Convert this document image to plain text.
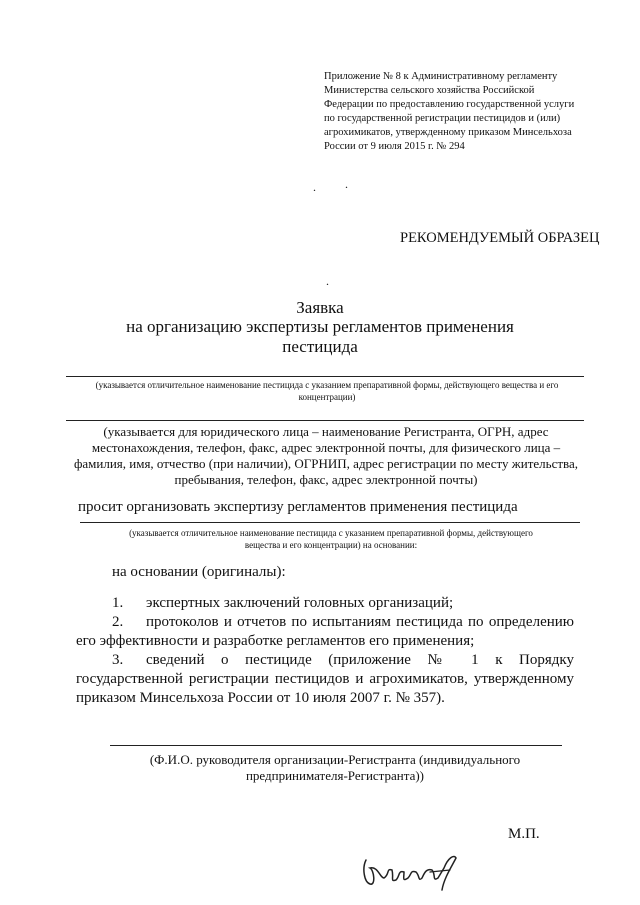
Приложение № 8 к Административному регламенту
Министерства сельского хозяйства Российской
Федерации по предоставлению государственной услуги
по государственной регистрации пестицидов и (или)
агрохимикатов, утвержденному приказом Минсельхоза
России от 9 июля 2015 г. № 294
. .
.
РЕКОМЕНДУЕМЫЙ ОБРАЗЕЦ
Заявка
на организацию экспертизы регламентов применения
пестицида
(указывается отличительное наименование пестицида с указанием препаративной формы, действующего вещества и его
концентрации)
(указывается для юридического лица – наименование Регистранта, ОГРН, адрес
местонахождения, телефон, факс, адрес электронной почты, для физического лица –
фамилия, имя, отчество (при наличии), ОГРНИП, адрес регистрации по месту жительства,
пребывания, телефон, факс, адрес электронной почты)
просит организовать экспертизу регламентов применения пестицида
(указывается отличительное наименование пестицида с указанием препаративной формы, действующего
вещества и его концентрации) на основании:
на основании (оригиналы):
1. экспертных заключений головных организаций;
2. протоколов и отчетов по испытаниям пестицида по определению
его эффективности и разработке регламентов его применения;
3. сведений о пестициде (приложение № 1 к Порядку
государственной регистрации пестицидов и агрохимикатов, утвержденному
приказом Минсельхоза России от 10 июля 2007 г. № 357).
(Ф.И.О. руководителя организации-Регистранта (индивидуального
предпринимателя-Регистранта))
М.П.
